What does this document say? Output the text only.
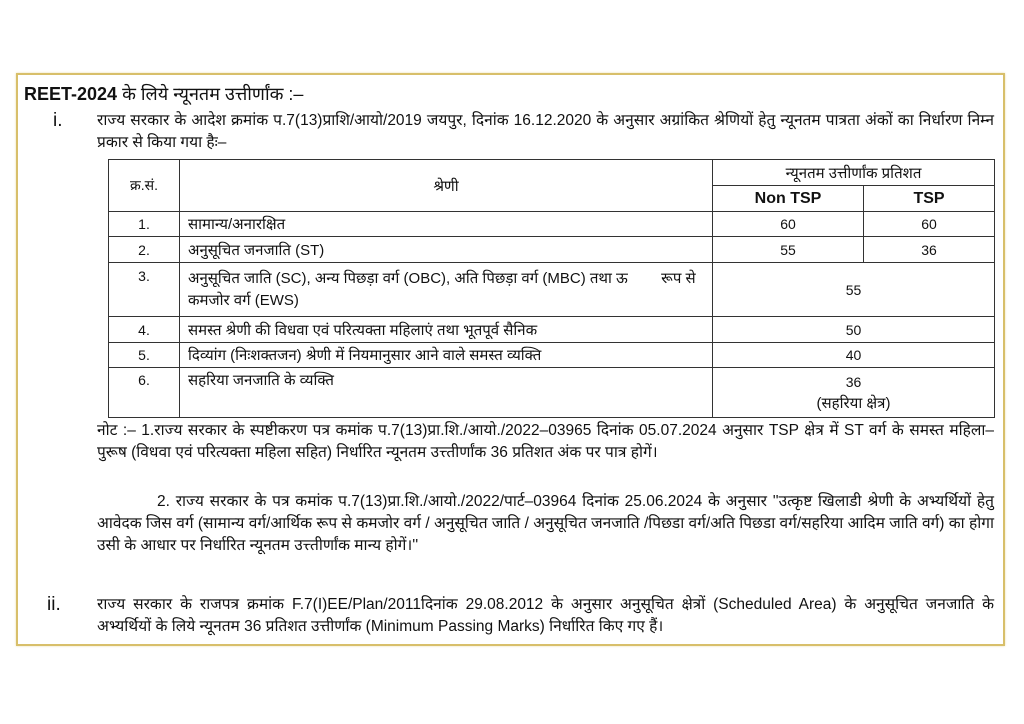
REET-2024 के लिये न्यूनतम उत्तीर्णांक :–
i. राज्य सरकार के आदेश क्रमांक प.7(13)प्राशि/आयो/2019 जयपुर, दिनांक 16.12.2020 के अनुसार अग्रांकित श्रेणियों हेतु न्यूनतम पात्रता अंकों का निर्धारण निम्न प्रकार से किया गया हैः–
क्र.सं.	श्रेणी	न्यूनतम उत्तीर्णांक प्रतिशत	
		Non TSP	TSP
1.	सामान्य/अनारक्षित	60	60
2.	अनुसूचित जनजाति (ST)	55	36
3.	अनुसूचित जाति (SC), अन्य पिछड़ा वर्ग (OBC), अति पिछड़ा वर्ग (MBC) तथा ऊ        रूप से कमजोर वर्ग (EWS)	55	
4.	समस्त श्रेणी की विधवा एवं परित्यक्ता महिलाएं तथा भूतपूर्व सैनिक	50	
5.	दिव्यांग (निःशक्तजन) श्रेणी में नियमानुसार आने वाले समस्त व्यक्ति	40	
6.	सहरिया जनजाति के व्यक्ति	36
(सहरिया क्षेत्र)	
नोट :– 1.राज्य सरकार के स्पष्टीकरण पत्र कमांक प.7(13)प्रा.शि./आयो./2022–03965 दिनांक 05.07.2024 अनुसार TSP क्षेत्र में ST वर्ग के समस्त महिला–पुरूष (विधवा एवं परित्यक्ता महिला सहित) निर्धारित न्यूनतम उत्त्तीर्णांक 36 प्रतिशत अंक पर पात्र होगें।
2. राज्य सरकार के पत्र कमांक प.7(13)प्रा.शि./आयो./2022/पार्ट–03964 दिनांक 25.06.2024 के अनुसार ''उत्कृष्ट खिलाडी श्रेणी के अभ्यर्थियों हेतु आवेदक जिस वर्ग (सामान्य वर्ग/आर्थिक रूप से कमजोर वर्ग / अनुसूचित जाति / अनुसूचित जनजाति /पिछडा वर्ग/अति पिछडा वर्ग/सहरिया आदिम जाति वर्ग) का होगा उसी के आधार पर निर्धारित न्यूनतम उत्त्तीर्णांक मान्य होगें।''
ii. राज्य सरकार के राजपत्र क्रमांक F.7(I)EE/Plan/2011दिनांक 29.08.2012 के अनुसार अनुसूचित क्षेत्रों (Scheduled Area) के अनुसूचित जनजाति के अभ्यर्थियों के लिये न्यूनतम 36 प्रतिशत उत्तीर्णांक (Minimum Passing Marks) निर्धारित किए गए हैं।
